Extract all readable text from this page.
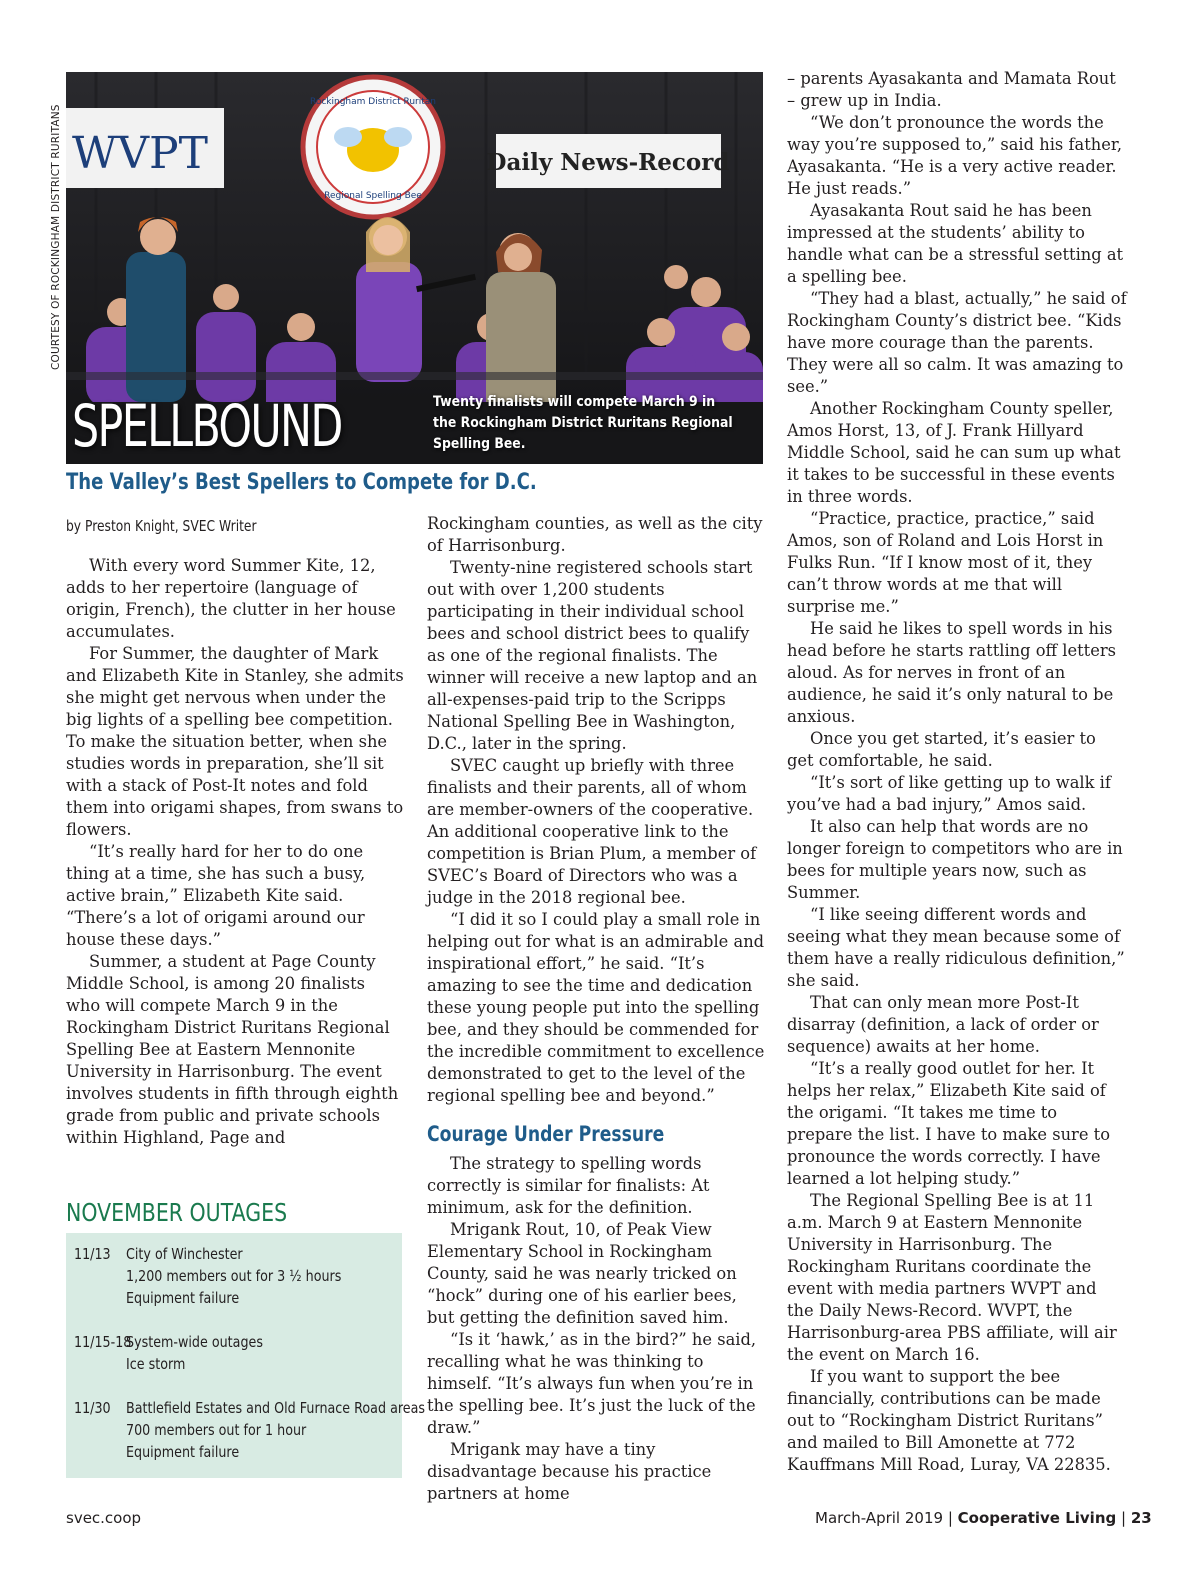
WVPT
Rockingham District Ruritan
Regional Spelling Bee
Daily News-Record
COURTESY OF ROCKINGHAM DISTRICT RURITANS
SPELLBOUND	Twenty finalists will compete March 9 in the Rockingham District Ruritans Regional Spelling Bee.
The Valley’s Best Spellers to Compete for D.C.
by Preston Knight, SVEC Writer

With every word Summer Kite, 12, adds to her repertoire (language of origin, French), the clutter in her house accumulates.

For Summer, the daughter of Mark and Elizabeth Kite in Stanley, she admits she might get nervous when under the big lights of a spelling bee competition. To make the situation better, when she studies words in preparation, she’ll sit with a stack of Post-It notes and fold them into origami shapes, from swans to flowers.

“It’s really hard for her to do one thing at a time, she has such a busy, active brain,” Elizabeth Kite said. “There’s a lot of origami around our house these days.”

Summer, a student at Page County Middle School, is among 20 finalists who will compete March 9 in the Rockingham District Ruritans Regional Spelling Bee at Eastern Mennonite University in Harrisonburg. The event involves students in fifth through eighth grade from public and private schools within Highland, Page and

Rockingham counties, as well as the city of Harrisonburg.

Twenty-nine registered schools start out with over 1,200 students participating in their individual school bees and school district bees to qualify as one of the regional finalists. The winner will receive a new laptop and an all-expenses-paid trip to the Scripps National Spelling Bee in Washington, D.C., later in the spring.

SVEC caught up briefly with three finalists and their parents, all of whom are member-owners of the cooperative. An additional cooperative link to the competition is Brian Plum, a member of SVEC’s Board of Directors who was a judge in the 2018 regional bee.

“I did it so I could play a small role in helping out for what is an admirable and inspirational effort,” he said. “It’s amazing to see the time and dedication these young people put into the spelling bee, and they should be commended for the incredible commitment to excellence demonstrated to get to the level of the regional spelling bee and beyond.”

Courage Under Pressure

The strategy to spelling words correctly is similar for finalists: At minimum, ask for the definition.

Mrigank Rout, 10, of Peak View Elementary School in Rockingham County, said he was nearly tricked on “hock” during one of his earlier bees, but getting the definition saved him.

“Is it ‘hawk,’ as in the bird?” he said, recalling what he was thinking to himself. “It’s always fun when you’re in the spelling bee. It’s just the luck of the draw.”

Mrigank may have a tiny disadvantage because his practice partners at home

– parents Ayasakanta and Mamata Rout – grew up in India.

“We don’t pronounce the words the way you’re supposed to,” said his father, Ayasakanta. “He is a very active reader. He just reads.”

Ayasakanta Rout said he has been impressed at the students’ ability to handle what can be a stressful setting at a spelling bee.

“They had a blast, actually,” he said of Rockingham County’s district bee. “Kids have more courage than the parents. They were all so calm. It was amazing to see.”

Another Rockingham County speller, Amos Horst, 13, of J. Frank Hillyard Middle School, said he can sum up what it takes to be successful in these events in three words.

“Practice, practice, practice,” said Amos, son of Roland and Lois Horst in Fulks Run. “If I know most of it, they can’t throw words at me that will surprise me.”

He said he likes to spell words in his head before he starts rattling off letters aloud. As for nerves in front of an audience, he said it’s only natural to be anxious.

Once you get started, it’s easier to get comfortable, he said.

“It’s sort of like getting up to walk if you’ve had a bad injury,” Amos said.

It also can help that words are no longer foreign to competitors who are in bees for multiple years now, such as Summer.

“I like seeing different words and seeing what they mean because some of them have a really ridiculous definition,” she said.

That can only mean more Post-It disarray (definition, a lack of order or sequence) awaits at her home.

“It’s a really good outlet for her. It helps her relax,” Elizabeth Kite said of the origami. “It takes me time to prepare the list. I have to make sure to pronounce the words correctly. I have learned a lot helping study.”

The Regional Spelling Bee is at 11 a.m. March 9 at Eastern Mennonite University in Harrisonburg. The Rockingham Ruritans coordinate the event with media partners WVPT and the Daily News-Record. WVPT, the Harrisonburg-area PBS affiliate, will air the event on March 16.

If you want to support the bee financially, contributions can be made out to “Rockingham District Ruritans” and mailed to Bill Amonette at 772 Kauffmans Mill Road, Luray, VA 22835.

NOVEMBER OUTAGES
11/13 City of Winchester
1,200 members out for 3 ½ hours
Equipment failure
11/15-18
System-wide outages
Ice storm
11/30 Battlefield Estates and Old Furnace Road areas
700 members out for 1 hour
Equipment failure
svec.coop	March-April 2019 | Cooperative Living | 23
